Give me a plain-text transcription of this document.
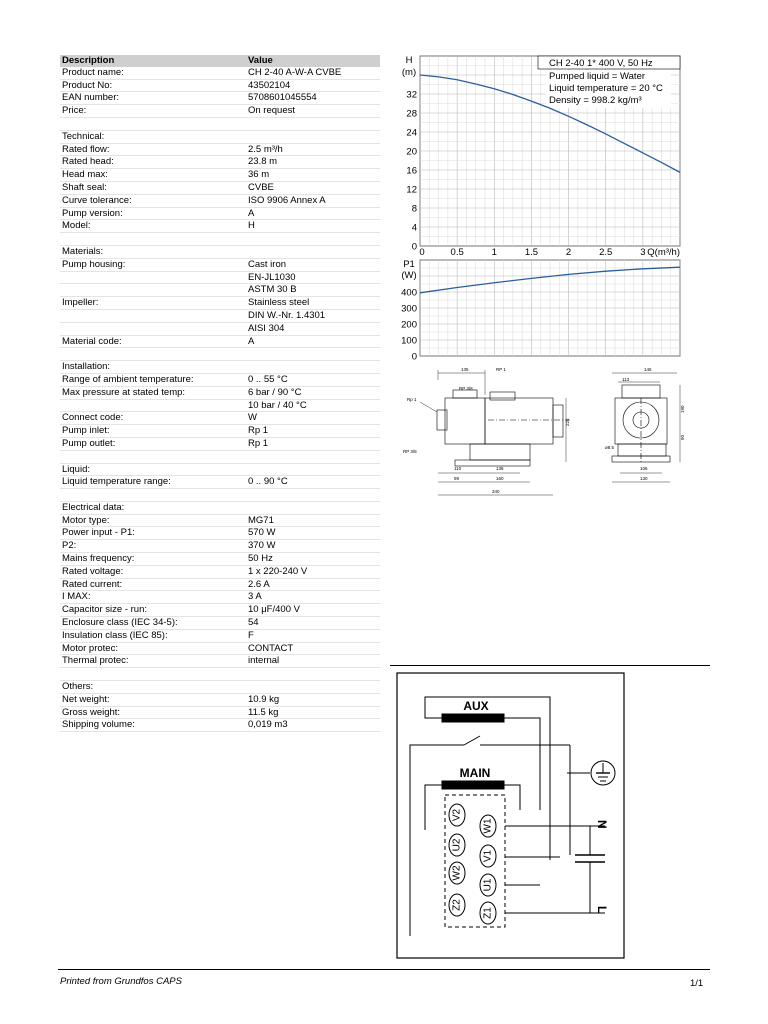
Description	Value
Product name:	CH 2-40 A-W-A CVBE
Product No:	43502104
EAN number:	5708601045554
Price:	On request
Technical:
Rated flow:	2.5 m³/h
Rated head:	23.8 m
Head max:	36 m
Shaft seal:	CVBE
Curve tolerance:	ISO 9906 Annex A
Pump version:	A
Model:	H
Materials:
Pump housing:	Cast iron
EN-JL1030
ASTM 30 B
Impeller:	Stainless steel
DIN W.-Nr. 1.4301
AISI 304
Material code:	A
Installation:
Range of ambient temperature:	0 .. 55 °C
Max pressure at stated temp:	6 bar / 90 °C
10 bar / 40 °C
Connect code:	W
Pump inlet:	Rp 1
Pump outlet:	Rp 1
Liquid:
Liquid temperature range:	0 .. 90 °C
Electrical data:
Motor type:	MG71
Power input - P1:	570 W
P2:	370 W
Mains frequency:	50 Hz
Rated voltage:	1 x 220-240 V
Rated current:	2.6 A
I MAX:	3 A
Capacitor size - run:	10 μF/400 V
Enclosure class (IEC 34-5):	54
Insulation class (IEC 85):	F
Motor protec:	CONTACT
Thermal protec:	internal
Others:
Net weight:	10.9 kg
Gross weight:	11.5 kg
Shipping volume:	0,019 m3
0
4
8
12
16
20
24
28
32
0	0.5	1	1.5	2	2.5	3 Q(m³/h)
H
(m)
CH 2-40 1* 400 V, 50 Hz
Pumped liquid = Water
Liquid temperature = 20 °C
Density = 998.2 kg/m³
0
100
200
300
400
P1
(W)
135	RP 1
RP 3/8
Rp 1
225
RP 3/8
110	136
99	160
340
146
113
190
50
ø8.5
106
130
AUX
MAIN
N
L
V2
U2
W2
Z2
W1
V1
U1
Z1
Printed from Grundfos CAPS	1/1
